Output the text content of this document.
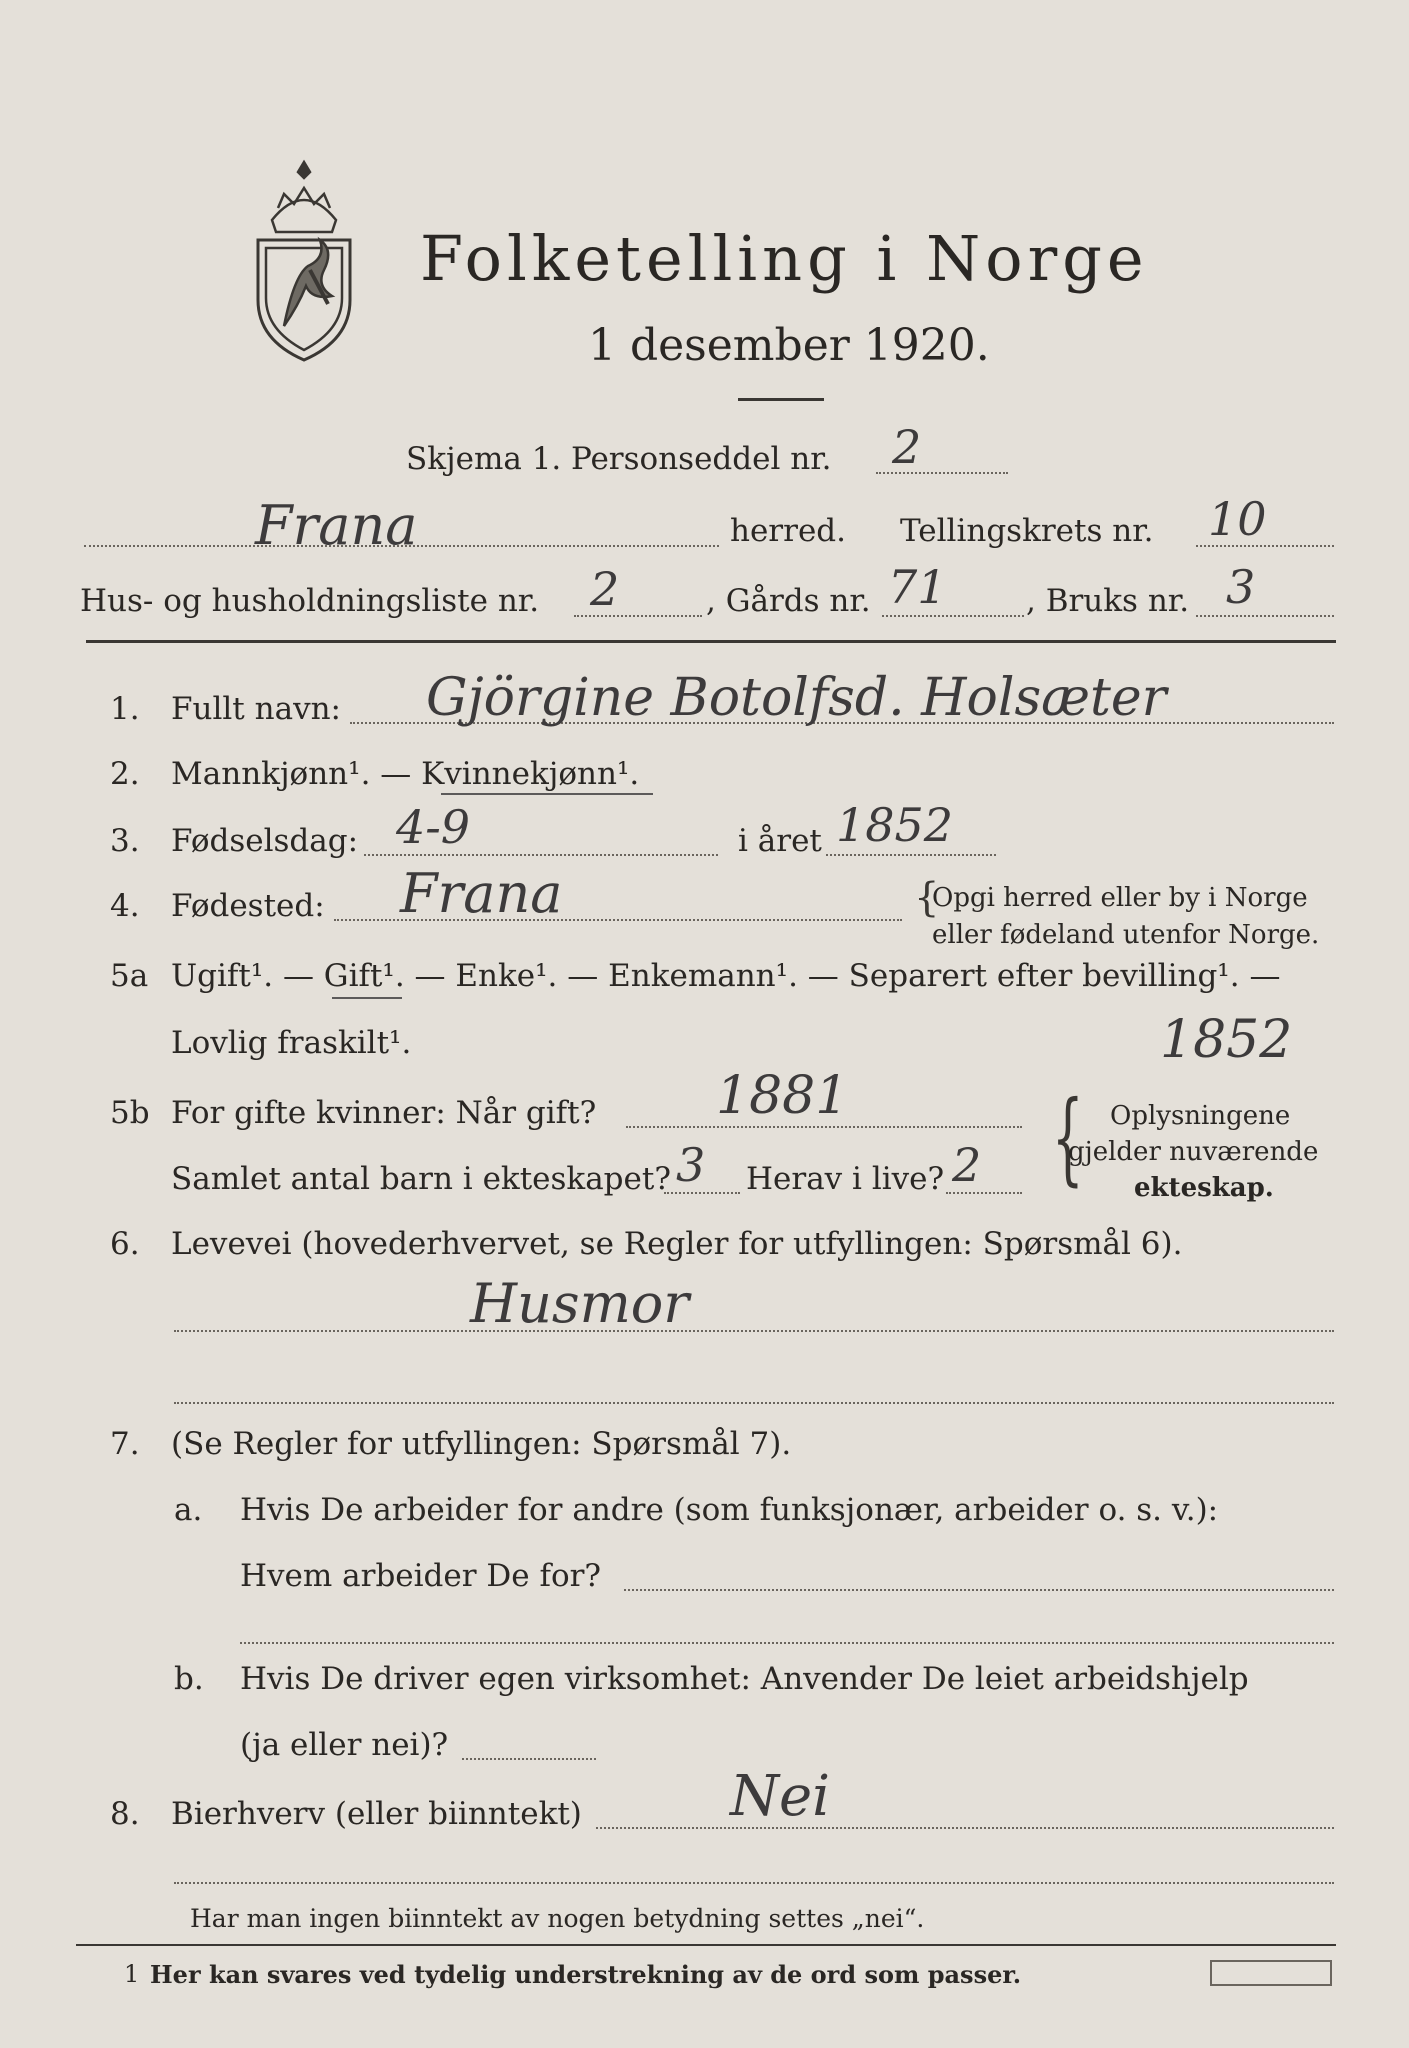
Folketelling i Norge
1 desember 1920.
Skjema 1. Personseddel nr. 2
Frana	herred. Tellingskrets nr. 10
Hus- og husholdningsliste nr. 2	, Gårds nr. 71	, Bruks nr. 3
1. Fullt navn: Gjörgine Botolfsd. Holsæter
2. Mannkjønn¹. — Kvinnekjønn¹.
3. Fødselsdag: 4-9	i året 1852
4. Fødested: Frana	{
Opgi herred eller by i Norge
eller fødeland utenfor Norge.
5a Ugift¹. — Gift¹. — Enke¹. — Enkemann¹. — Separert efter bevilling¹. —
Lovlig fraskilt¹.	1852
5b For gifte kvinner: Når gift? 1881
Samlet antal barn i ekteskapet? 3 Herav i live? 2 { Oplysningene
gjelder nuværende
ekteskap.
6. Levevei (hovederhvervet, se Regler for utfyllingen: Spørsmål 6).
Husmor
7. (Se Regler for utfyllingen: Spørsmål 7).
a. Hvis De arbeider for andre (som funksjonær, arbeider o. s. v.):
Hvem arbeider De for?
b. Hvis De driver egen virksomhet: Anvender De leiet arbeidshjelp
(ja eller nei)?
8. Bierhverv (eller biinntekt)	Nei
Har man ingen biinntekt av nogen betydning settes „nei“.
1 Her kan svares ved tydelig understrekning av de ord som passer.
